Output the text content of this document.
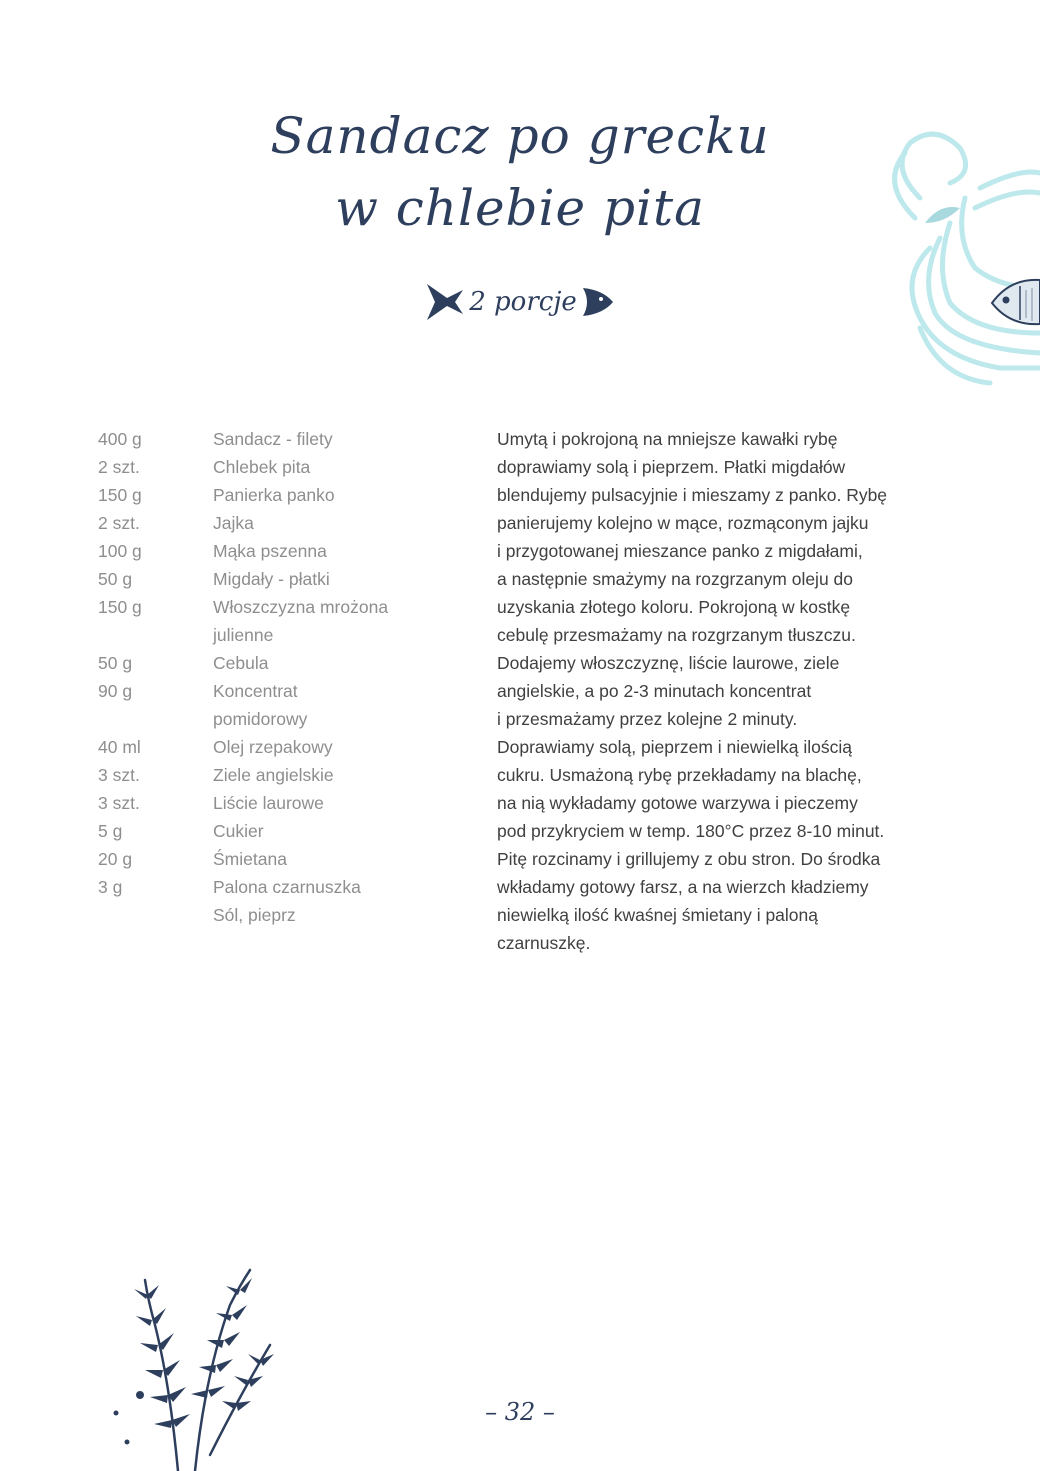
Sandacz po grecku
w chlebie pita
2 porcje
400 g	Sandacz - filety
2 szt.	Chlebek pita
150 g	Panierka panko
2 szt.	Jajka
100 g	Mąka pszenna
50 g	Migdały - płatki
150 g	Włoszczyzna mrożona julienne
50 g	Cebula
90 g	Koncentrat pomidorowy
40 ml	Olej rzepakowy
3 szt.	Ziele angielskie
3 szt.	Liście laurowe
5 g	Cukier
20 g	Śmietana
3 g	Palona czarnuszka
Sól, pieprz
Umytą i pokrojoną na mniejsze kawałki rybę
doprawiamy solą i pieprzem. Płatki migdałów
blendujemy pulsacyjnie i mieszamy z panko. Rybę
panierujemy kolejno w mące, rozmąconym jajku
i przygotowanej mieszance panko z migdałami,
a następnie smażymy na rozgrzanym oleju do
uzyskania złotego koloru. Pokrojoną w kostkę
cebulę przesmażamy na rozgrzanym tłuszczu.
Dodajemy włoszczyznę, liście laurowe, ziele
angielskie, a po 2-3 minutach koncentrat
i przesmażamy przez kolejne 2 minuty.
Doprawiamy solą, pieprzem i niewielką ilością
cukru. Usmażoną rybę przekładamy na blachę,
na nią wykładamy gotowe warzywa i pieczemy
pod przykryciem w temp. 180°C przez 8-10 minut.
Pitę rozcinamy i grillujemy z obu stron. Do środka
wkładamy gotowy farsz, a na wierzch kładziemy
niewielką ilość kwaśnej śmietany i paloną
czarnuszkę.
– 32 –
